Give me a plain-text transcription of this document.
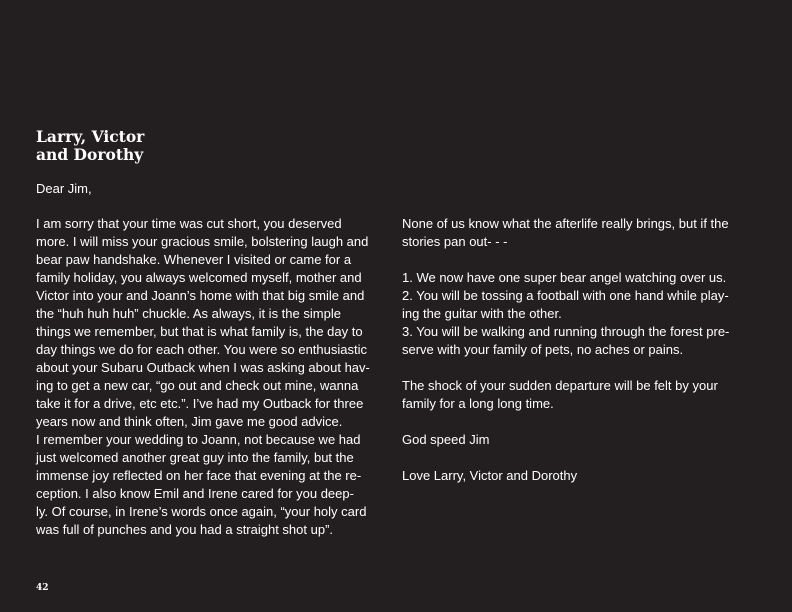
Larry, Victor
and Dorothy

Dear Jim,

I am sorry that your time was cut short, you deserved
more. I will miss your gracious smile, bolstering laugh and
bear paw handshake. Whenever I visited or came for a
family holiday, you always welcomed myself, mother and
Victor into your and Joann’s home with that big smile and
the “huh huh huh” chuckle. As always, it is the simple
things we remember, but that is what family is, the day to
day things we do for each other. You were so enthusiastic
about your Subaru Outback when I was asking about hav-
ing to get a new car, “go out and check out mine, wanna
take it for a drive, etc etc.”. I’ve had my Outback for three
years now and think often, Jim gave me good advice.
I remember your wedding to Joann, not because we had
just welcomed another great guy into the family, but the
immense joy reflected on her face that evening at the re-
ception. I also know Emil and Irene cared for you deep-
ly. Of course, in Irene’s words once again, “your holy card
was full of punches and you had a straight shot up”.
None of us know what the afterlife really brings, but if the
stories pan out- - -
1. We now have one super bear angel watching over us.
2. You will be tossing a football with one hand while play-
ing the guitar with the other.
3. You will be walking and running through the forest pre-
serve with your family of pets, no aches or pains.
The shock of your sudden departure will be felt by your
family for a long long time.
God speed Jim
Love Larry, Victor and Dorothy
42
